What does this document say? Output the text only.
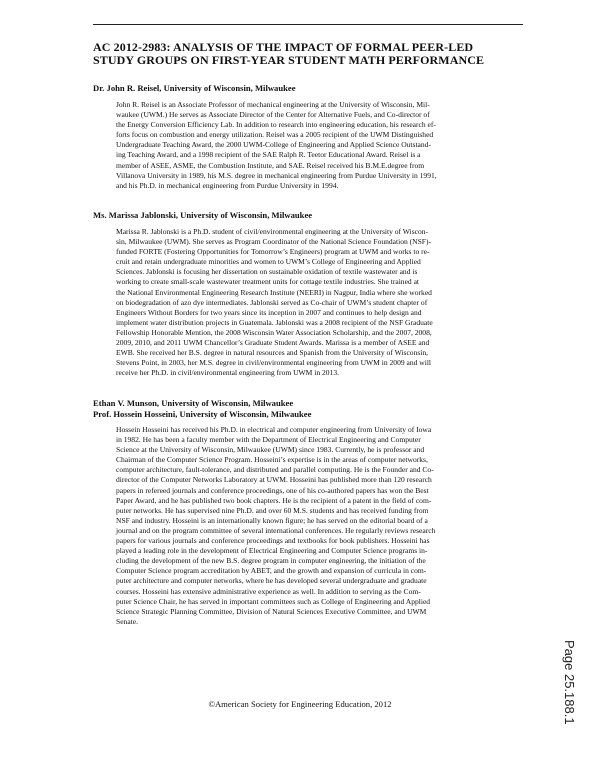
AC 2012-2983: ANALYSIS OF THE IMPACT OF FORMAL PEER-LED
STUDY GROUPS ON FIRST-YEAR STUDENT MATH PERFORMANCE
Dr. John R. Reisel, University of Wisconsin, Milwaukee
John R. Reisel is an Associate Professor of mechanical engineering at the University of Wisconsin, Mil-
waukee (UWM.) He serves as Associate Director of the Center for Alternative Fuels, and Co-director of
the Energy Conversion Efficiency Lab. In addition to research into engineering education, his research ef-
forts focus on combustion and energy utilization. Reisel was a 2005 recipient of the UWM Distinguished
Undergraduate Teaching Award, the 2000 UWM-College of Engineering and Applied Science Outstand-
ing Teaching Award, and a 1998 recipient of the SAE Ralph R. Teetor Educational Award. Reisel is a
member of ASEE, ASME, the Combustion Institute, and SAE. Reisel received his B.M.E.degree from
Villanova University in 1989, his M.S. degree in mechanical engineering from Purdue University in 1991,
and his Ph.D. in mechanical engineering from Purdue University in 1994.
Ms. Marissa Jablonski, University of Wisconsin, Milwaukee
Marissa R. Jablonski is a Ph.D. student of civil/environmental engineering at the University of Wiscon-
sin, Milwaukee (UWM). She serves as Program Coordinator of the National Science Foundation (NSF)-
funded FORTE (Fostering Opportunities for Tomorrow’s Engineers) program at UWM and works to re-
cruit and retain undergraduate minorities and women to UWM’s College of Engineering and Applied
Sciences. Jablonski is focusing her dissertation on sustainable oxidation of textile wastewater and is
working to create small-scale wastewater treatment units for cottage textile industries. She trained at
the National Environmental Engineering Research Institute (NEERI) in Nagpur, India where she worked
on biodegradation of azo dye intermediates. Jablonski served as Co-chair of UWM’s student chapter of
Engineers Without Borders for two years since its inception in 2007 and continues to help design and
implement water distribution projects in Guatemala. Jablonski was a 2008 recipient of the NSF Graduate
Fellowship Honorable Mention, the 2008 Wisconsin Water Association Scholarship, and the 2007, 2008,
2009, 2010, and 2011 UWM Chancellor’s Graduate Student Awards. Marissa is a member of ASEE and
EWB. She received her B.S. degree in natural resources and Spanish from the University of Wisconsin,
Stevens Point, in 2003, her M.S. degree in civil/environmental engineering from UWM in 2009 and will
receive her Ph.D. in civil/environmental engineering from UWM in 2013.
Ethan V. Munson, University of Wisconsin, Milwaukee
Prof. Hossein Hosseini, University of Wisconsin, Milwaukee
Hossein Hosseini has received his Ph.D. in electrical and computer engineering from University of Iowa
in 1982. He has been a faculty member with the Department of Electrical Engineering and Computer
Science at the University of Wisconsin, Milwaukee (UWM) since 1983. Currently, he is professor and
Chairman of the Computer Science Program. Hosseini’s expertise is in the areas of computer networks,
computer architecture, fault-tolerance, and distributed and parallel computing. He is the Founder and Co-
director of the Computer Networks Laboratory at UWM. Hosseini has published more than 120 research
papers in refereed journals and conference proceedings, one of his co-authored papers has won the Best
Paper Award, and he has published two book chapters. He is the recipient of a patent in the field of com-
puter networks. He has supervised nine Ph.D. and over 60 M.S. students and has received funding from
NSF and industry. Hosseini is an internationally known figure; he has served on the editorial board of a
journal and on the program committee of several international conferences. He regularly reviews research
papers for various journals and conference proceedings and textbooks for book publishers. Hosseini has
played a leading role in the development of Electrical Engineering and Computer Science programs in-
cluding the development of the new B.S. degree program in computer engineering, the initiation of the
Computer Science program accreditation by ABET, and the growth and expansion of curricula in com-
puter architecture and computer networks, where he has developed several undergraduate and graduate
courses. Hosseini has extensive administrative experience as well. In addition to serving as the Com-
puter Science Chair, he has served in important committees such as College of Engineering and Applied
Science Strategic Planning Committee, Division of Natural Sciences Executive Committee, and UWM
Senate.
©American Society for Engineering Education, 2012	Page 25.188.1
